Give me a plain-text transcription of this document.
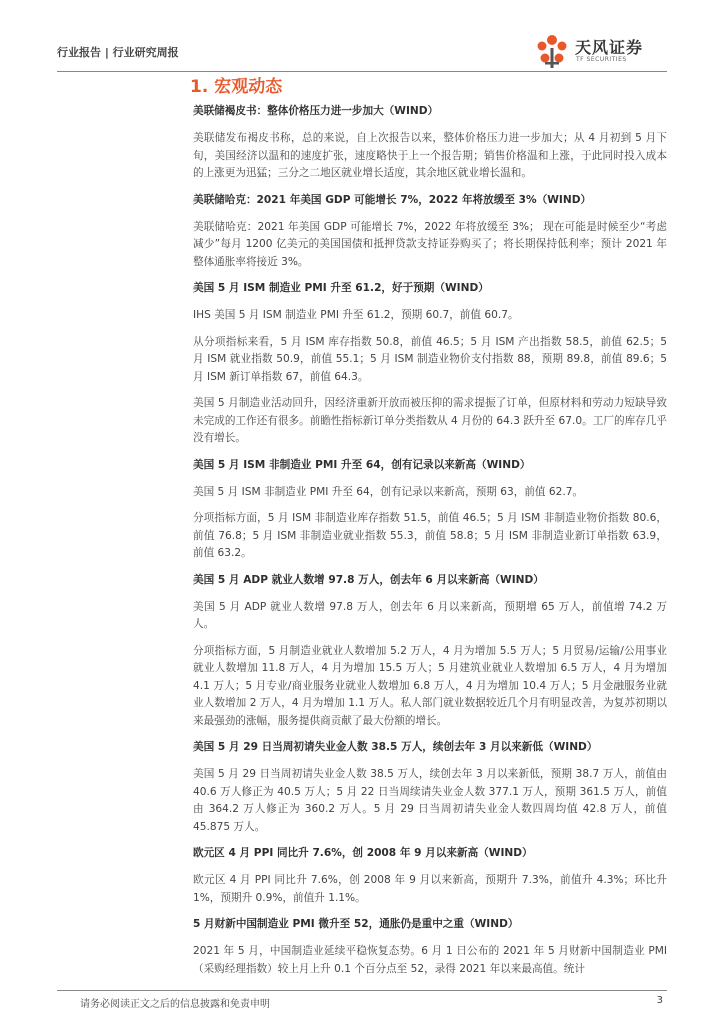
行业报告 | 行业研究周报	天风证券
TF SECURITIES
1. 宏观动态
美联储褐皮书：整体价格压力进一步加大（WIND）

美联储发布褐皮书称，总的来说，自上次报告以来，整体价格压力进一步加大；从 4 月初到 5 月下旬，美国经济以温和的速度扩张，速度略快于上一个报告期；销售价格温和上涨，于此同时投入成本的上涨更为迅猛；三分之二地区就业增长适度，其余地区就业增长温和。

美联储哈克：2021 年美国 GDP 可能增长 7%，2022 年将放缓至 3%（WIND）

美联储哈克：2021 年美国 GDP 可能增长 7%，2022 年将放缓至 3%； 现在可能是时候至少“考虑减少”每月 1200 亿美元的美国国债和抵押贷款支持证券购买了；将长期保持低利率；预计 2021 年整体通胀率将接近 3%。

美国 5 月 ISM 制造业 PMI 升至 61.2，好于预期（WIND）

IHS 美国 5 月 ISM 制造业 PMI 升至 61.2，预期 60.7，前值 60.7。

从分项指标来看，5 月 ISM 库存指数 50.8，前值 46.5；5 月 ISM 产出指数 58.5，前值 62.5；5 月 ISM 就业指数 50.9，前值 55.1；5 月 ISM 制造业物价支付指数 88，预期 89.8，前值 89.6；5 月 ISM 新订单指数 67，前值 64.3。

美国 5 月制造业活动回升，因经济重新开放而被压抑的需求提振了订单，但原材料和劳动力短缺导致未完成的工作还有很多。前瞻性指标新订单分类指数从 4 月份的 64.3 跃升至 67.0。工厂的库存几乎没有增长。

美国 5 月 ISM 非制造业 PMI 升至 64，创有记录以来新高（WIND）

美国 5 月 ISM 非制造业 PMI 升至 64，创有记录以来新高，预期 63，前值 62.7。

分项指标方面，5 月 ISM 非制造业库存指数 51.5，前值 46.5；5 月 ISM 非制造业物价指数 80.6，前值 76.8；5 月 ISM 非制造业就业指数 55.3，前值 58.8；5 月 ISM 非制造业新订单指数 63.9，前值 63.2。

美国 5 月 ADP 就业人数增 97.8 万人，创去年 6 月以来新高（WIND）

美国 5 月 ADP 就业人数增 97.8 万人，创去年 6 月以来新高，预期增 65 万人，前值增 74.2 万人。

分项指标方面，5 月制造业就业人数增加 5.2 万人，4 月为增加 5.5 万人；5 月贸易/运输/公用事业就业人数增加 11.8 万人，4 月为增加 15.5 万人；5 月建筑业就业人数增加 6.5 万人，4 月为增加 4.1 万人；5 月专业/商业服务业就业人数增加 6.8 万人，4 月为增加 10.4 万人；5 月金融服务业就业人数增加 2 万人，4 月为增加 1.1 万人。私人部门就业数据较近几个月有明显改善，为复苏初期以来最强劲的涨幅，服务提供商贡献了最大份额的增长。

美国 5 月 29 日当周初请失业金人数 38.5 万人，续创去年 3 月以来新低（WIND）

美国 5 月 29 日当周初请失业金人数 38.5 万人，续创去年 3 月以来新低，预期 38.7 万人，前值由 40.6 万人修正为 40.5 万人；5 月 22 日当周续请失业金人数 377.1 万人，预期 361.5 万人，前值由 364.2 万人修正为 360.2 万人。5 月 29 日当周初请失业金人数四周均值 42.8 万人，前值 45.875 万人。

欧元区 4 月 PPI 同比升 7.6%，创 2008 年 9 月以来新高（WIND）

欧元区 4 月 PPI 同比升 7.6%，创 2008 年 9 月以来新高，预期升 7.3%，前值升 4.3%；环比升 1%，预期升 0.9%，前值升 1.1%。

5 月财新中国制造业 PMI 微升至 52，通胀仍是重中之重（WIND）

2021 年 5 月，中国制造业延续平稳恢复态势。6 月 1 日公布的 2021 年 5 月财新中国制造业 PMI（采购经理指数）较上月上升 0.1 个百分点至 52，录得 2021 年以来最高值。统计

请务必阅读正文之后的信息披露和免责申明	3
